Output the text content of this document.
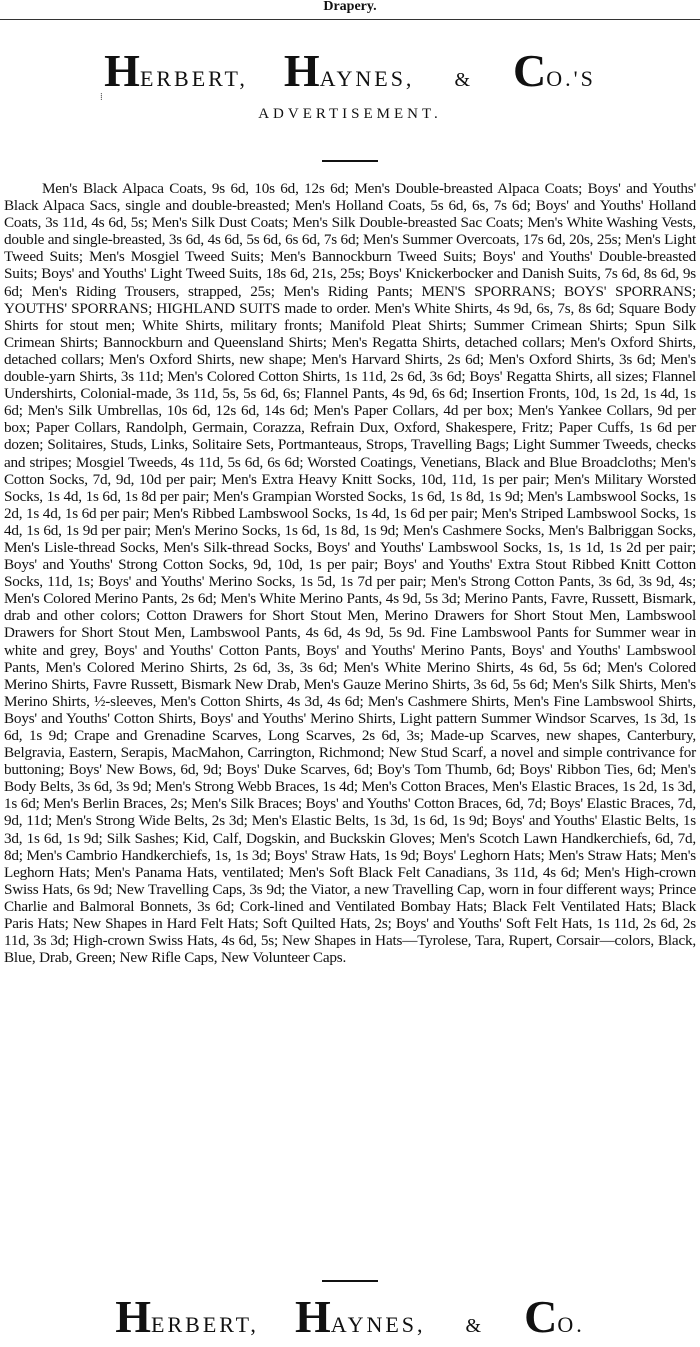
Drapery.
HERBERT, HAYNES, & CO.'S
⁞
ADVERTISEMENT.

Men's Black Alpaca Coats, 9s 6d, 10s 6d, 12s 6d; Men's Double-breasted Alpaca Coats; Boys' and Youths' Black Alpaca Sacs, single and double-breasted; Men's Holland Coats, 5s 6d, 6s, 7s 6d; Boys' and Youths' Holland Coats, 3s 11d, 4s 6d, 5s; Men's Silk Dust Coats; Men's Silk Double-breasted Sac Coats; Men's White Washing Vests, double and single-breasted, 3s 6d, 4s 6d, 5s 6d, 6s 6d, 7s 6d; Men's Summer Overcoats, 17s 6d, 20s, 25s; Men's Light Tweed Suits; Men's Mosgiel Tweed Suits; Men's Bannockburn Tweed Suits; Boys' and Youths' Double-breasted Suits; Boys' and Youths' Light Tweed Suits, 18s 6d, 21s, 25s; Boys' Knickerbocker and Danish Suits, 7s 6d, 8s 6d, 9s 6d; Men's Riding Trousers, strapped, 25s; Men's Riding Pants; MEN'S SPORRANS; BOYS' SPORRANS; YOUTHS' SPORRANS; HIGHLAND SUITS made to order. Men's White Shirts, 4s 9d, 6s, 7s, 8s 6d; Square Body Shirts for stout men; White Shirts, military fronts; Manifold Pleat Shirts; Summer Crimean Shirts; Spun Silk Crimean Shirts; Bannockburn and Queensland Shirts; Men's Regatta Shirts, detached collars; Men's Oxford Shirts, detached collars; Men's Oxford Shirts, new shape; Men's Harvard Shirts, 2s 6d; Men's Oxford Shirts, 3s 6d; Men's double-yarn Shirts, 3s 11d; Men's Colored Cotton Shirts, 1s 11d, 2s 6d, 3s 6d; Boys' Regatta Shirts, all sizes; Flannel Undershirts, Colonial-made, 3s 11d, 5s, 5s 6d, 6s; Flannel Pants, 4s 9d, 6s 6d; Insertion Fronts, 10d, 1s 2d, 1s 4d, 1s 6d; Men's Silk Umbrellas, 10s 6d, 12s 6d, 14s 6d; Men's Paper Collars, 4d per box; Men's Yankee Collars, 9d per box; Paper Collars, Randolph, Germain, Corazza, Refrain Dux, Oxford, Shakespere, Fritz; Paper Cuffs, 1s 6d per dozen; Solitaires, Studs, Links, Solitaire Sets, Portmanteaus, Strops, Travelling Bags; Light Summer Tweeds, checks and stripes; Mosgiel Tweeds, 4s 11d, 5s 6d, 6s 6d; Worsted Coatings, Venetians, Black and Blue Broadcloths; Men's Cotton Socks, 7d, 9d, 10d per pair; Men's Extra Heavy Knitt Socks, 10d, 11d, 1s per pair; Men's Military Worsted Socks, 1s 4d, 1s 6d, 1s 8d per pair; Men's Grampian Worsted Socks, 1s 6d, 1s 8d, 1s 9d; Men's Lambswool Socks, 1s 2d, 1s 4d, 1s 6d per pair; Men's Ribbed Lambswool Socks, 1s 4d, 1s 6d per pair; Men's Striped Lambswool Socks, 1s 4d, 1s 6d, 1s 9d per pair; Men's Merino Socks, 1s 6d, 1s 8d, 1s 9d; Men's Cashmere Socks, Men's Balbriggan Socks, Men's Lisle-thread Socks, Men's Silk-thread Socks, Boys' and Youths' Lambswool Socks, 1s, 1s 1d, 1s 2d per pair; Boys' and Youths' Strong Cotton Socks, 9d, 10d, 1s per pair; Boys' and Youths' Extra Stout Ribbed Knitt Cotton Socks, 11d, 1s; Boys' and Youths' Merino Socks, 1s 5d, 1s 7d per pair; Men's Strong Cotton Pants, 3s 6d, 3s 9d, 4s; Men's Colored Merino Pants, 2s 6d; Men's White Merino Pants, 4s 9d, 5s 3d; Merino Pants, Favre, Russett, Bismark, drab and other colors; Cotton Drawers for Short Stout Men, Merino Drawers for Short Stout Men, Lambswool Drawers for Short Stout Men, Lambswool Pants, 4s 6d, 4s 9d, 5s 9d. Fine Lambswool Pants for Summer wear in white and grey, Boys' and Youths' Cotton Pants, Boys' and Youths' Merino Pants, Boys' and Youths' Lambswool Pants, Men's Colored Merino Shirts, 2s 6d, 3s, 3s 6d; Men's White Merino Shirts, 4s 6d, 5s 6d; Men's Colored Merino Shirts, Favre Russett, Bismark New Drab, Men's Gauze Merino Shirts, 3s 6d, 5s 6d; Men's Silk Shirts, Men's Merino Shirts, ½-sleeves, Men's Cotton Shirts, 4s 3d, 4s 6d; Men's Cashmere Shirts, Men's Fine Lambswool Shirts, Boys' and Youths' Cotton Shirts, Boys' and Youths' Merino Shirts, Light pattern Summer Windsor Scarves, 1s 3d, 1s 6d, 1s 9d; Crape and Grenadine Scarves, Long Scarves, 2s 6d, 3s; Made-up Scarves, new shapes, Canterbury, Belgravia, Eastern, Serapis, MacMahon, Carrington, Richmond; New Stud Scarf, a novel and simple contrivance for buttoning; Boys' New Bows, 6d, 9d; Boys' Duke Scarves, 6d; Boy's Tom Thumb, 6d; Boys' Ribbon Ties, 6d; Men's Body Belts, 3s 6d, 3s 9d; Men's Strong Webb Braces, 1s 4d; Men's Cotton Braces, Men's Elastic Braces, 1s 2d, 1s 3d, 1s 6d; Men's Berlin Braces, 2s; Men's Silk Braces; Boys' and Youths' Cotton Braces, 6d, 7d; Boys' Elastic Braces, 7d, 9d, 11d; Men's Strong Wide Belts, 2s 3d; Men's Elastic Belts, 1s 3d, 1s 6d, 1s 9d; Boys' and Youths' Elastic Belts, 1s 3d, 1s 6d, 1s 9d; Silk Sashes; Kid, Calf, Dogskin, and Buckskin Gloves; Men's Scotch Lawn Handkerchiefs, 6d, 7d, 8d; Men's Cambrio Handkerchiefs, 1s, 1s 3d; Boys' Straw Hats, 1s 9d; Boys' Leghorn Hats; Men's Straw Hats; Men's Leghorn Hats; Men's Panama Hats, ventilated; Men's Soft Black Felt Canadians, 3s 11d, 4s 6d; Men's High-crown Swiss Hats, 6s 9d; New Travelling Caps, 3s 9d; the Viator, a new Travelling Cap, worn in four different ways; Prince Charlie and Balmoral Bonnets, 3s 6d; Cork-lined and Ventilated Bombay Hats; Black Felt Ventilated Hats; Black Paris Hats; New Shapes in Hard Felt Hats; Soft Quilted Hats, 2s; Boys' and Youths' Soft Felt Hats, 1s 11d, 2s 6d, 2s 11d, 3s 3d; High-crown Swiss Hats, 4s 6d, 5s; New Shapes in Hats—Tyrolese, Tara, Rupert, Corsair—colors, Black, Blue, Drab, Green; New Rifle Caps, New Volunteer Caps.

HERBERT, HAYNES, & CO.
